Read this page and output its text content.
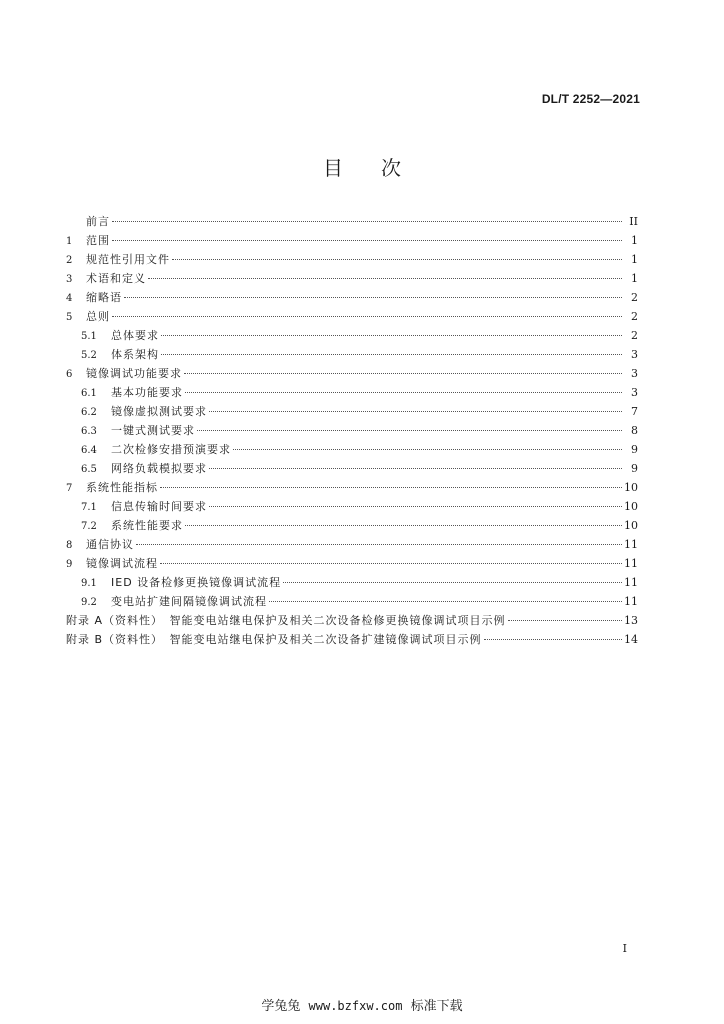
DL/T 2252—2021
目 次
前言	II
1	范围	1
2	规范性引用文件	1
3	术语和定义	1
4	缩略语	2
5	总则	2
5.1	总体要求	2
5.2	体系架构	3
6	镜像调试功能要求	3
6.1	基本功能要求	3
6.2	镜像虚拟测试要求	7
6.3	一键式测试要求	8
6.4	二次检修安措预演要求	9
6.5	网络负载模拟要求	9
7	系统性能指标	10
7.1	信息传输时间要求	10
7.2	系统性能要求	10
8	通信协议	11
9	镜像调试流程	11
9.1	IED 设备检修更换镜像调试流程	11
9.2	变电站扩建间隔镜像调试流程	11
附录 A（资料性）　智能变电站继电保护及相关二次设备检修更换镜像调试项目示例	13
附录 B（资料性）　智能变电站继电保护及相关二次设备扩建镜像调试项目示例	14
I
学兔兔 www.bzfxw.com 标准下载
